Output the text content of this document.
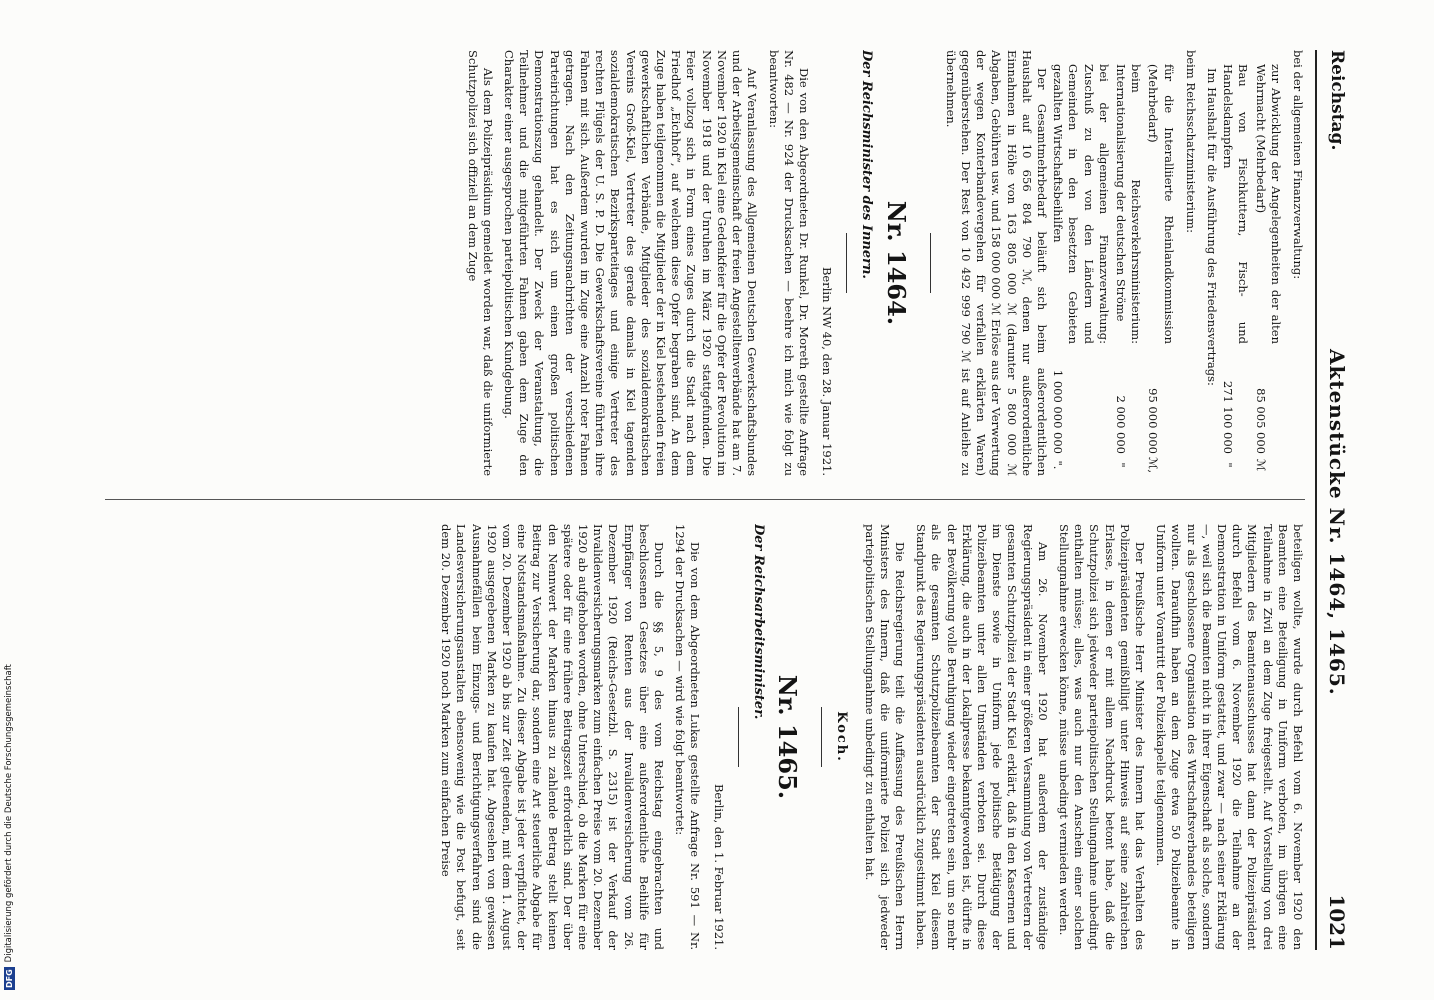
Reichstag.
Aktenstücke Nr. 1464, 1465.
1021

bei der allgemeinen Finanzverwaltung:

zur Abwicklung der Angelegenheiten der alten Wehrmacht (Mehrbedarf)	85 005 000	ℳ
Bau von Fischkuttern, Fisch- und Handelsdampfern	271 100 000	"

Im Haushalt für die Ausführung des Friedensvertrags:

beim Reichsschatzministerium:

für die Interalliierte Rheinlandkommission (Mehrbedarf)	95 000 000	ℳ,
beim Reichsverkehrsministerium: Internationalisierung der deutschen Ströme	2 000 000	"
bei der allgemeinen Finanzverwaltung: Zuschuß zu den von den Ländern und Gemeinden in den besetzten Gebieten gezahlten Wirtschaftsbeihilfen	1 000 000 000	".

Der Gesamtmehrbedarf beläuft sich beim außerordentlichen Haushalt auf 10 656 804 790 ℳ, denen nur außerordentliche Einnahmen in Höhe von 163 805 000 ℳ (darunter 5 800 000 ℳ Abgaben, Gebühren usw. und 158 000 000 ℳ Erlöse aus der Verwertung der wegen Konterbandevergehen für verfallen erklärten Waren) gegenüberstehen. Der Rest von 10 492 999 790 ℳ ist auf Anleihe zu übernehmen.

Nr. 1464.
Der Reichsminister des Innern.
Berlin NW 40, den 28. Januar 1921.

Die von den Abgeordneten Dr. Runkel, Dr. Moreth gestellte Anfrage Nr. 482 — Nr. 924 der Drucksachen — beehre ich mich wie folgt zu beantworten:

Auf Veranlassung des Allgemeinen Deutschen Gewerkschaftsbundes und der Arbeitsgemeinschaft der freien Angestelltenverbände hat am 7. November 1920 in Kiel eine Gedenkfeier für die Opfer der Revolution im November 1918 und der Unruhen im März 1920 stattgefunden. Die Feier vollzog sich in Form eines Zuges durch die Stadt nach dem Friedhof „Eichhof“, auf welchem diese Opfer begraben sind. An dem Zuge haben teilgenommen die Mitglieder der in Kiel bestehenden freien gewerkschaftlichen Verbände, Mitglieder des sozialdemokratischen Vereins Groß-Kiel, Vertreter des gerade damals in Kiel tagenden sozialdemokratischen Bezirksparteitages und einige Vertreter des rechten Flügels der U. S. P. D. Die Gewerkschaftsvereine führten ihre Fahnen mit sich. Außerdem wurden im Zuge eine Anzahl roter Fahnen getragen. Nach den Zeitungsnachrichten der verschiedenen Parteirichtungen hat es sich um einen großen politischen Demonstrationszug gehandelt. Der Zweck der Veranstaltung, die Teilnehmer und die mitgeführten Fahnen gaben dem Zuge den Charakter einer ausgesprochen parteipolitischen Kundgebung.

Als dem Polizeipräsidium gemeldet worden war, daß die uniformierte Schutzpolizei sich offiziell an dem Zuge

beteiligen wollte, wurde durch Befehl vom 6. November 1920 den Beamten eine Beteiligung in Uniform verboten, im übrigen eine Teilnahme in Zivil an dem Zuge freigestellt. Auf Vorstellung von drei Mitgliedern des Beamtenausschusses hat dann der Polizeipräsident durch Befehl vom 6. November 1920 die Teilnahme an der Demonstration in Uniform gestattet, und zwar — nach seiner Erklärung —, weil sich die Beamten nicht in ihrer Eigenschaft als solche, sondern nur als geschlossene Organisation des Wirtschaftsverbandes beteiligen wollten. Daraufhin haben an dem Zuge etwa 50 Polizeibeamte in Uniform unter Vorantritt der Polizeikapelle teilgenommen.

Der Preußische Herr Minister des Innern hat das Verhalten des Polizeipräsidenten gemißbilligt unter Hinweis auf seine zahlreichen Erlasse, in denen er mit allem Nachdruck betont habe, daß die Schutzpolizei sich jedweder parteipolitischen Stellungnahme unbedingt enthalten müsse; alles, was auch nur den Anschein einer solchen Stellungnahme erwecken könne, müsse unbedingt vermieden werden.

Am 26. November 1920 hat außerdem der zuständige Regierungspräsident in einer größeren Versammlung von Vertretern der gesamten Schutzpolizei der Stadt Kiel erklärt, daß in den Kasernen und im Dienste sowie in Uniform jede politische Betätigung der Polizeibeamten unter allen Umständen verboten sei. Durch diese Erklärung, die auch in der Lokalpresse bekanntgeworden ist, dürfte in der Bevölkerung volle Beruhigung wieder eingetreten sein, um so mehr als die gesamten Schutzpolizeibeamten der Stadt Kiel diesem Standpunkt des Regierungspräsidenten ausdrücklich zugestimmt haben.

Die Reichsregierung teilt die Auffassung des Preußischen Herrn Ministers des Innern, daß die uniformierte Polizei sich jedweder parteipolitischen Stellungnahme unbedingt zu enthalten hat.

Koch.
Nr. 1465.
Der Reichsarbeitsminister.
Berlin, den 1. Februar 1921.

Die von dem Abgeordneten Lukas gestellte Anfrage Nr. 591 — Nr. 1294 der Drucksachen — wird wie folgt beantwortet:

Durch die §§ 5, 9 des vom Reichstag eingebrachten und beschlossenen Gesetzes über eine außerordentliche Beihilfe für Empfänger von Renten aus der Invalidenversicherung vom 26. Dezember 1920 (Reichs-Gesetzbl. S. 2315) ist der Verkauf der Invalidenversicherungsmarken zum einfachen Preise vom 20. Dezember 1920 ab aufgehoben worden, ohne Unterschied, ob die Marken für eine spätere oder für eine frühere Beitragszeit erforderlich sind. Der über den Nennwert der Marken hinaus zu zahlende Betrag stellt keinen Beitrag zur Versicherung dar, sondern eine Art steuerliche Abgabe für eine Notstandsmaßnahme. Zu dieser Abgabe ist jeder verpflichtet, der vom 20. Dezember 1920 ab bis zur Zeit gelteenden, mit dem 1. August 1920 ausgegebenen Marken zu kaufen hat. Abgesehen von gewissen Ausnahmefällen beim Einzugs- und Berichtigungsverfahren sind die Landesversicherungsanstalten ebensowenig wie die Post befugt, seit dem 20. Dezember 1920 noch Marken zum einfachen Preise

DFG
Digitalisierung gefördert durch die Deutsche Forschungsgemeinschaft
